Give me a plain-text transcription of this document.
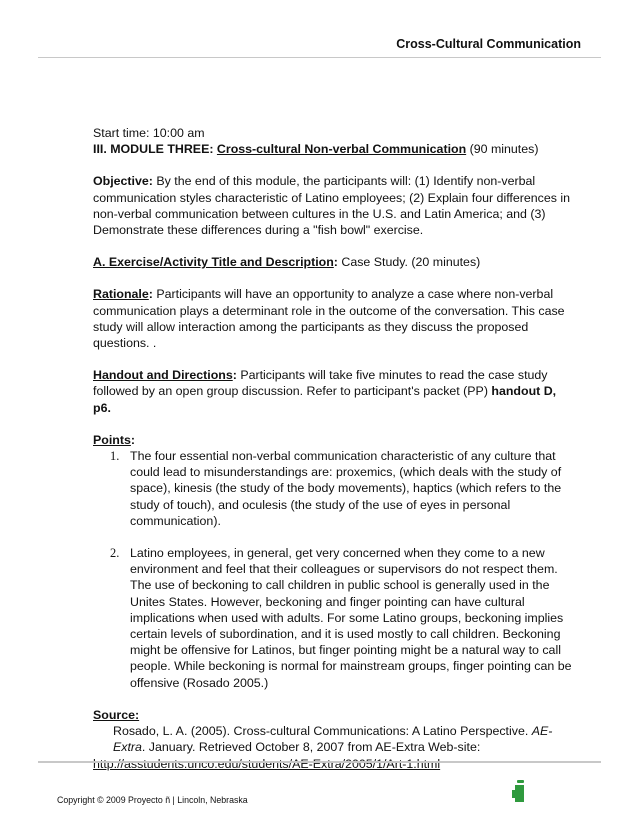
Cross-Cultural Communication

Start time: 10:00 am

III. MODULE THREE: Cross-cultural Non-verbal Communication (90 minutes)

Objective: By the end of this module, the participants will: (1) Identify non-verbal communication styles characteristic of Latino employees; (2) Explain four differences in non-verbal communication between cultures in the U.S. and Latin America; and (3) Demonstrate these differences during a "fish bowl" exercise.

A. Exercise/Activity Title and Description: Case Study. (20 minutes)

Rationale: Participants will have an opportunity to analyze a case where non-verbal communication plays a determinant role in the outcome of the conversation. This case study will allow interaction among the participants as they discuss the proposed questions. .

Handout and Directions: Participants will take five minutes to read the case study followed by an open group discussion. Refer to participant's packet (PP) handout D, p6.

Points:

1. The four essential non-verbal communication characteristic of any culture that could lead to misunderstandings are: proxemics, (which deals with the study of space), kinesis (the study of the body movements), haptics (which refers to the study of touch), and oculesis (the study of the use of eyes in personal communication).
2. Latino employees, in general, get very concerned when they come to a new environment and feel that their colleagues or supervisors do not respect them. The use of beckoning to call children in public school is generally used in the Unites States. However, beckoning and finger pointing can have cultural implications when used with adults. For some Latino groups, beckoning implies certain levels of subordination, and it is used mostly to call children. Beckoning might be offensive for Latinos, but finger pointing might be a natural way to call people. While beckoning is normal for mainstream groups, finger pointing can be offensive (Rosado 2005.)

Source:

Rosado, L. A. (2005). Cross-cultural Communications: A Latino Perspective. AE-Extra. January. Retrieved October 8, 2007 from AE-Extra Web-site:

http://asstudents.unco.edu/students/AE-Extra/2005/1/Art-1.html
Copyright © 2009 Proyecto ñ | Lincoln, Nebraska
